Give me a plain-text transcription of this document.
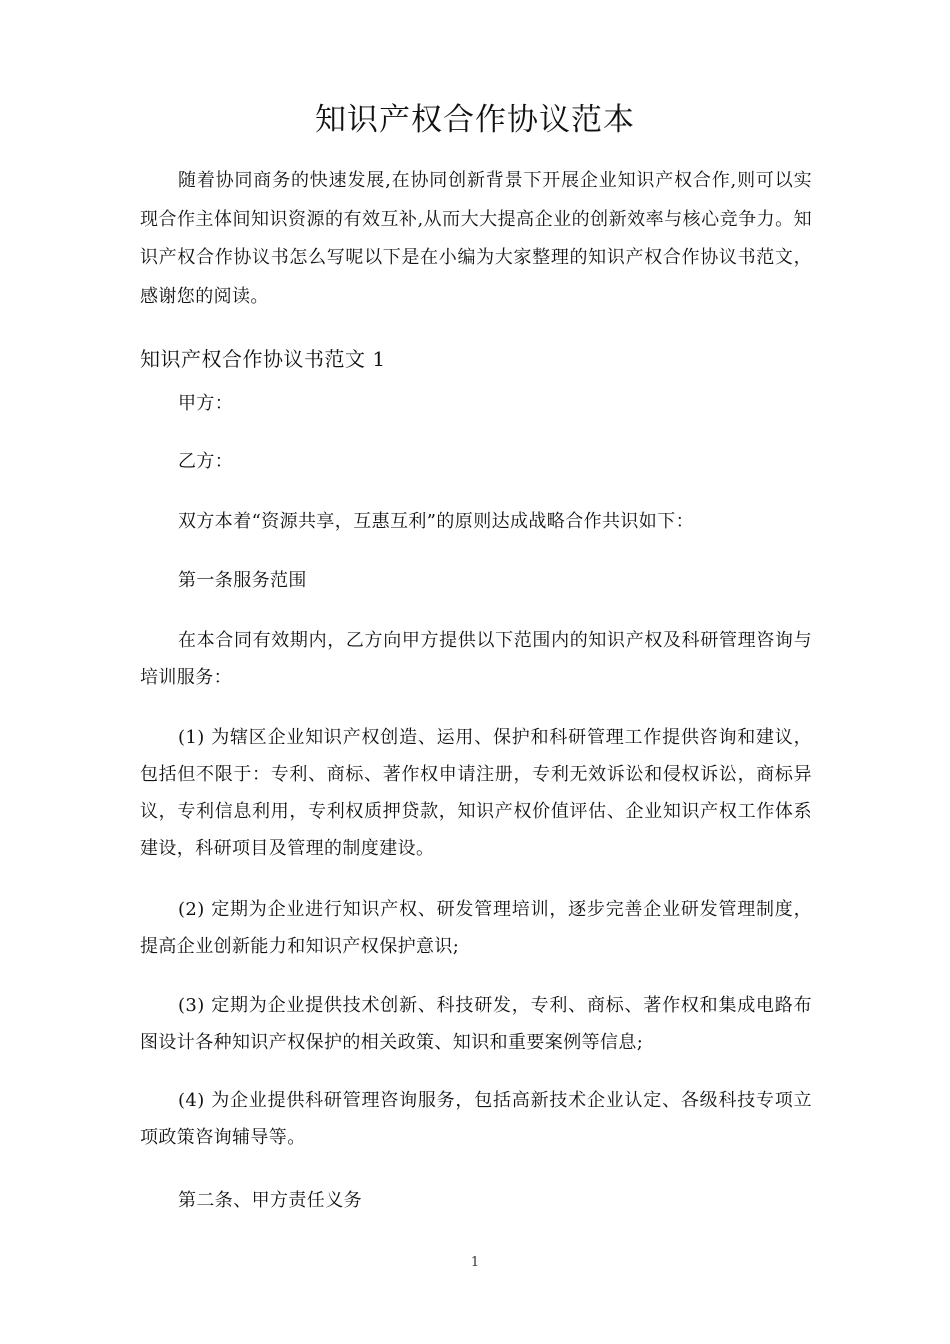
知识产权合作协议范本
随着协同商务的快速发展,在协同创新背景下开展企业知识产权合作,则可以实现合作主体间知识资源的有效互补,从而大大提高企业的创新效率与核心竞争力。知识产权合作协议书怎么写呢以下是在小编为大家整理的知识产权合作协议书范文，感谢您的阅读。
知识产权合作协议书范文 1
甲方：
乙方：
双方本着“资源共享，互惠互利”的原则达成战略合作共识如下：
第一条服务范围
在本合同有效期内，乙方向甲方提供以下范围内的知识产权及科研管理咨询与培训服务：
(1) 为辖区企业知识产权创造、运用、保护和科研管理工作提供咨询和建议，包括但不限于：专利、商标、著作权申请注册，专利无效诉讼和侵权诉讼，商标异议，专利信息利用，专利权质押贷款，知识产权价值评估、企业知识产权工作体系建设，科研项目及管理的制度建设。
(2) 定期为企业进行知识产权、研发管理培训，逐步完善企业研发管理制度，提高企业创新能力和知识产权保护意识;
(3) 定期为企业提供技术创新、科技研发，专利、商标、著作权和集成电路布图设计各种知识产权保护的相关政策、知识和重要案例等信息;
(4) 为企业提供科研管理咨询服务，包括高新技术企业认定、各级科技专项立项政策咨询辅导等。
第二条、甲方责任义务
1
